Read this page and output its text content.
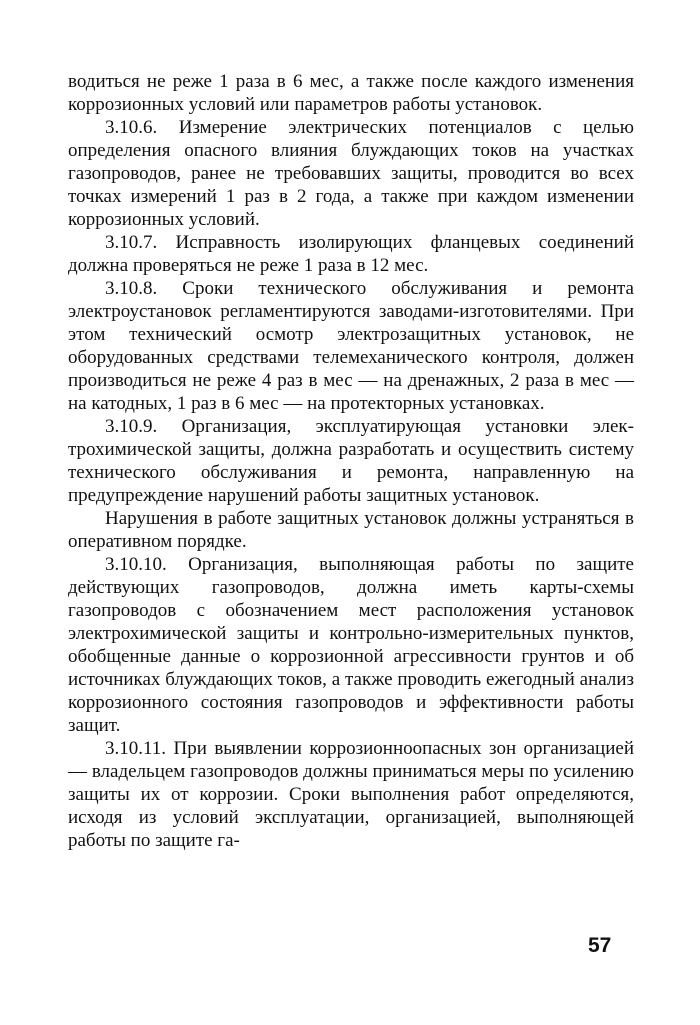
водиться не реже 1 раза в 6 мес, а также после каждого изменения коррозионных условий или параметров работы установок.

3.10.6. Измерение электрических потенциалов с целью определения опасного влияния блуждающих токов на участках газопроводов, ранее не требовавших защиты, проводится во всех точках измерений 1 раз в 2 года, а также при каждом изменении коррозионных условий.

3.10.7. Исправность изолирующих фланцевых соединений должна проверяться не реже 1 раза в 12 мес.

3.10.8. Сроки технического обслуживания и ремонта электроустановок регламентируются заводами-изготовителями. При этом технический осмотр электрозащитных установок, не оборудованных средствами телемеханического контроля, должен производиться не реже 4 раз в мес — на дренажных, 2 раза в мес — на катодных, 1 раз в 6 мес — на протекторных установках.

3.10.9. Организация, эксплуатирующая установки электрохимической защиты, должна разработать и осуществить систему технического обслуживания и ремонта, направленную на предупреждение нарушений работы защитных установок.

Нарушения в работе защитных установок должны устраняться в оперативном порядке.

3.10.10. Организация, выполняющая работы по защите действующих газопроводов, должна иметь карты-схемы газопроводов с обозначением мест расположения установок электрохимической защиты и контрольно-измерительных пунктов, обобщенные данные о коррозионной агрессивности грунтов и об источниках блуждающих токов, а также проводить ежегодный анализ коррозионного состояния газопроводов и эффективности работы защит.

3.10.11. При выявлении коррозионноопасных зон организацией — владельцем газопроводов должны приниматься меры по усилению защиты их от коррозии. Сроки выполнения работ определяются, исходя из условий эксплуатации, организацией, выполняющей работы по защите га-

57
